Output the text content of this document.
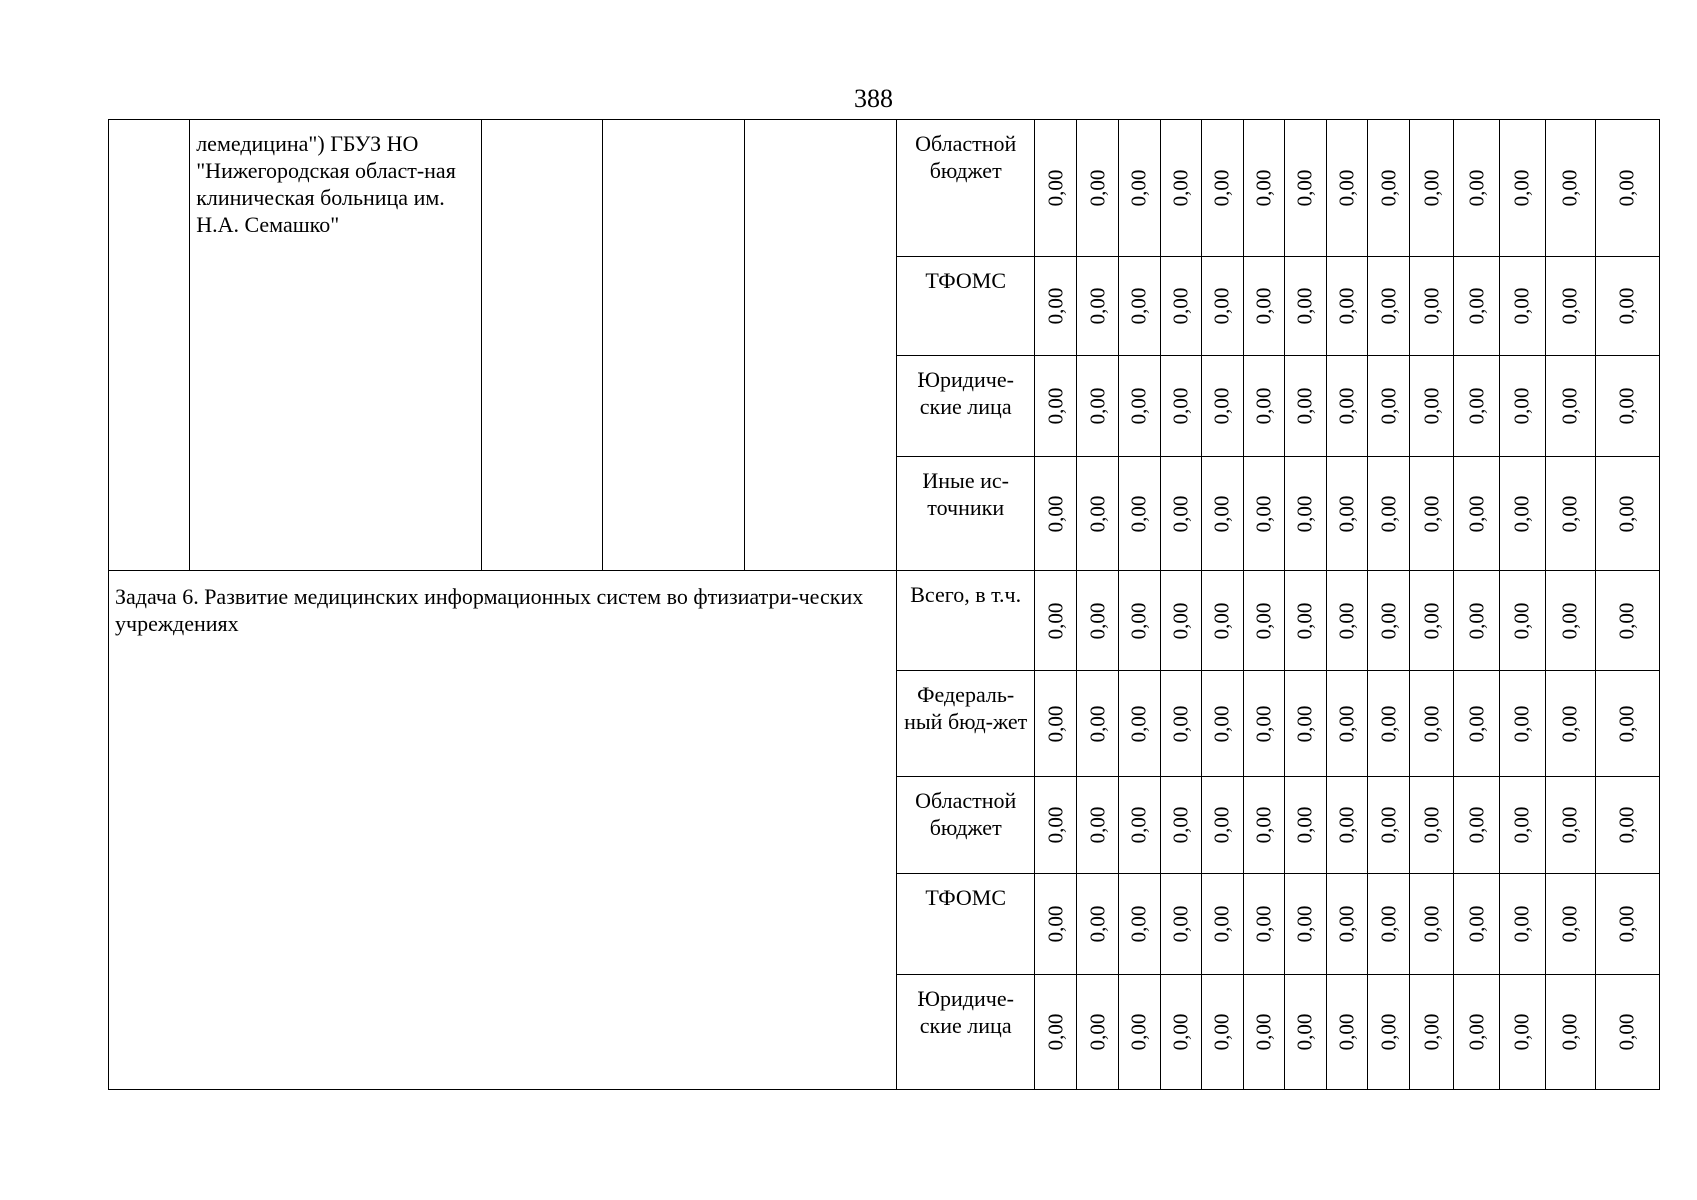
388
	лемедицина") ГБУЗ НО "Нижегородская област-ная клиническая больница им. Н.А. Семашко"				Областной бюджет	0,00	0,00	0,00	0,00	0,00	0,00	0,00	0,00	0,00	0,00	0,00	0,00	0,00	0,00

					ТФОМС	0,00	0,00	0,00	0,00	0,00	0,00	0,00	0,00	0,00	0,00	0,00	0,00	0,00	0,00

					Юридиче-ские лица	0,00	0,00	0,00	0,00	0,00	0,00	0,00	0,00	0,00	0,00	0,00	0,00	0,00	0,00

					Иные ис-точники	0,00	0,00	0,00	0,00	0,00	0,00	0,00	0,00	0,00	0,00	0,00	0,00	0,00	0,00

Задача 6. Развитие медицинских информационных систем во фтизиатри-ческих учреждениях					Всего, в т.ч.	0,00	0,00	0,00	0,00	0,00	0,00	0,00	0,00	0,00	0,00	0,00	0,00	0,00	0,00

					Федераль-ный бюд-жет	0,00	0,00	0,00	0,00	0,00	0,00	0,00	0,00	0,00	0,00	0,00	0,00	0,00	0,00

					Областной бюджет	0,00	0,00	0,00	0,00	0,00	0,00	0,00	0,00	0,00	0,00	0,00	0,00	0,00	0,00

					ТФОМС	0,00	0,00	0,00	0,00	0,00	0,00	0,00	0,00	0,00	0,00	0,00	0,00	0,00	0,00

					Юридиче-ские лица	0,00	0,00	0,00	0,00	0,00	0,00	0,00	0,00	0,00	0,00	0,00	0,00	0,00	0,00
